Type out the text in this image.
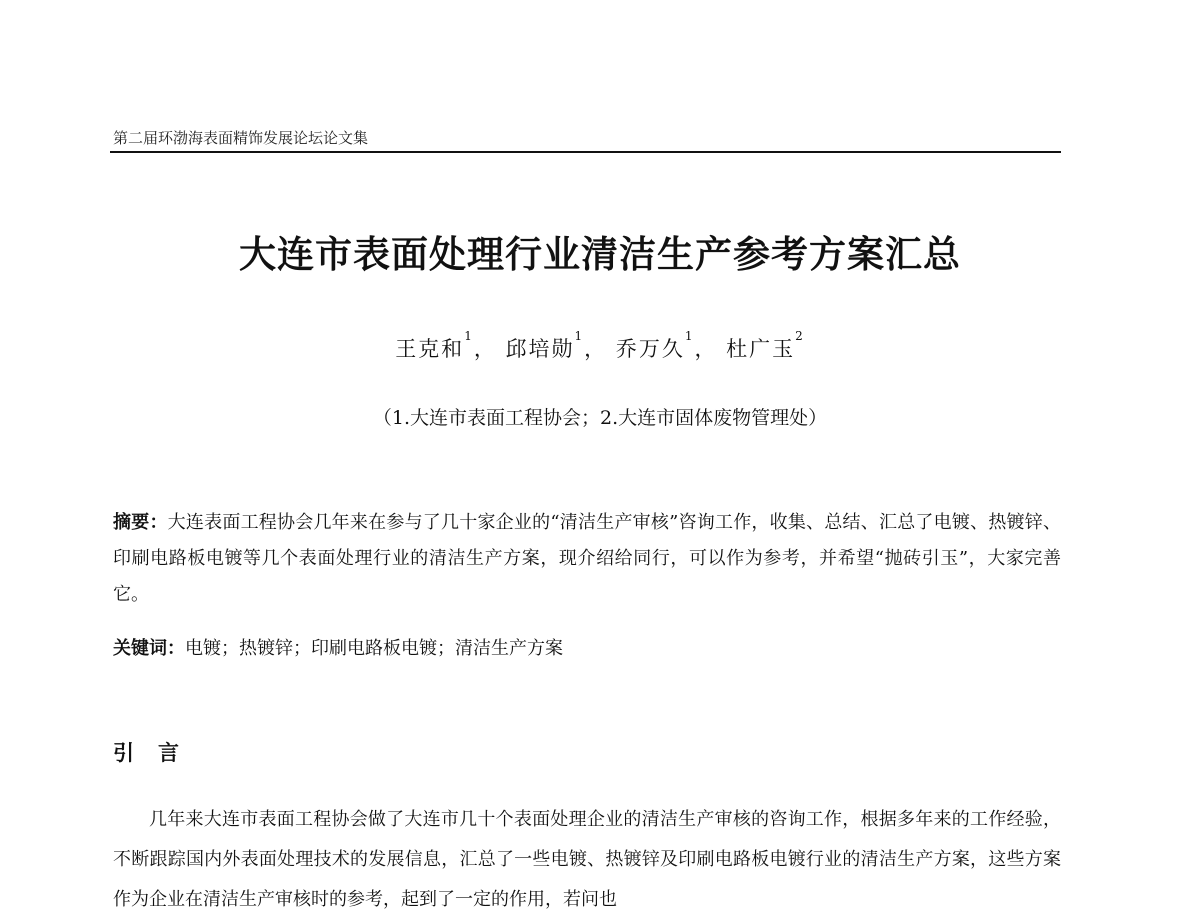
第二届环渤海表面精饰发展论坛论文集
大连市表面处理行业清洁生产参考方案汇总
王克和$^1$， 邱培勋$^1$， 乔万久$^1$， 杜广玉$^2$
（1.大连市表面工程协会；2.大连市固体废物管理处）
摘要：大连表面工程协会几年来在参与了几十家企业的“清洁生产审核”咨询工作，收集、总结、汇总了电镀、热镀锌、印刷电路板电镀等几个表面处理行业的清洁生产方案，现介绍给同行，可以作为参考，并希望“抛砖引玉”，大家完善它。
关键词：电镀；热镀锌；印刷电路板电镀；清洁生产方案
引言
几年来大连市表面工程协会做了大连市几十个表面处理企业的清洁生产审核的咨询工作，根据多年来的工作经验，不断跟踪国内外表面处理技术的发展信息，汇总了一些电镀、热镀锌及印刷电路板电镀行业的清洁生产方案，这些方案作为企业在清洁生产审核时的参考，起到了一定的作用，若问也
